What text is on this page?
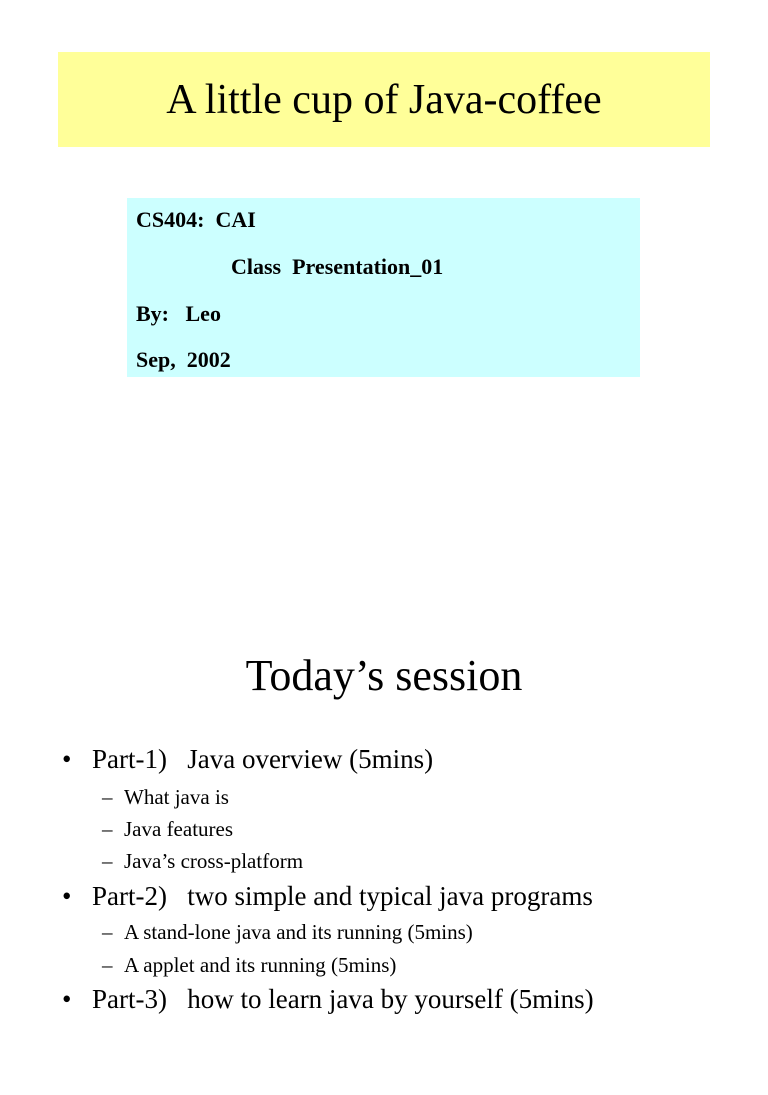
A little cup of Java-coffee
CS404:  CAI
Class  Presentation_01
By:   Leo
Sep,  2002
Today’s session

•

Part-1)   Java overview (5mins)

–

What java is

–

Java features

–

Java’s cross-platform

•

Part-2)   two simple and typical java programs

–

A stand-lone java and its running (5mins)

–

A applet and its running (5mins)

•

Part-3)   how to learn java by yourself (5mins)
